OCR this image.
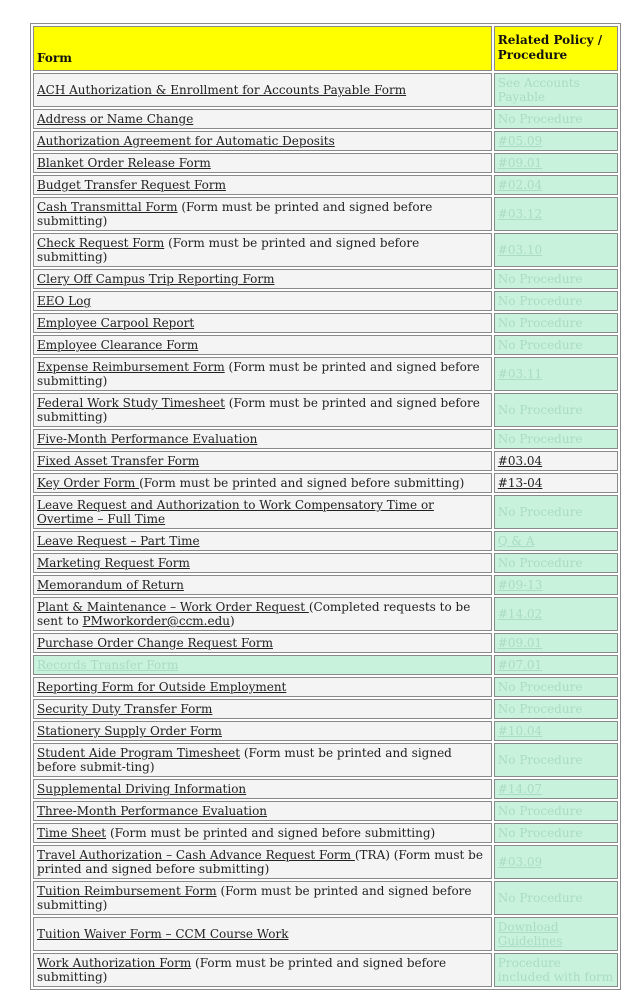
Form	Related Policy / Procedure
ACH Authorization & Enrollment for Accounts Payable Form	See Accounts Payable
Address or Name Change	No Procedure
Authorization Agreement for Automatic Deposits	#05.09
Blanket Order Release Form	#09.01
Budget Transfer Request Form	#02.04
Cash Transmittal Form (Form must be printed and signed before submitting)	#03.12
Check Request Form (Form must be printed and signed before submitting)	#03.10
Clery Off Campus Trip Reporting Form	No Procedure
EEO Log	No Procedure
Employee Carpool Report	No Procedure
Employee Clearance Form	No Procedure
Expense Reimbursement Form (Form must be printed and signed before submitting)	#03.11
Federal Work Study Timesheet (Form must be printed and signed before submitting)	No Procedure
Five-Month Performance Evaluation	No Procedure
Fixed Asset Transfer Form	#03.04
Key Order Form (Form must be printed and signed before submitting)	#13-04
Leave Request and Authorization to Work Compensatory Time or Overtime – Full Time	No Procedure
Leave Request – Part Time	Q & A
Marketing Request Form	No Procedure
Memorandum of Return	#09-13
Plant & Maintenance – Work Order Request (Completed requests to be sent to PMworkorder@ccm.edu)	#14.02
Purchase Order Change Request Form	#09.01
Records Transfer Form	#07.01
Reporting Form for Outside Employment	No Procedure
Security Duty Transfer Form	No Procedure
Stationery Supply Order Form	#10.04
Student Aide Program Timesheet (Form must be printed and signed before submit-ting)	No Procedure
Supplemental Driving Information	#14.07
Three-Month Performance Evaluation	No Procedure
Time Sheet (Form must be printed and signed before submitting)	No Procedure
Travel Authorization – Cash Advance Request Form (TRA) (Form must be printed and signed before submitting)	#03.09
Tuition Reimbursement Form (Form must be printed and signed before submitting)	No Procedure
Tuition Waiver Form – CCM Course Work	Download Guidelines
Work Authorization Form (Form must be printed and signed before submitting)	Procedure included with form
